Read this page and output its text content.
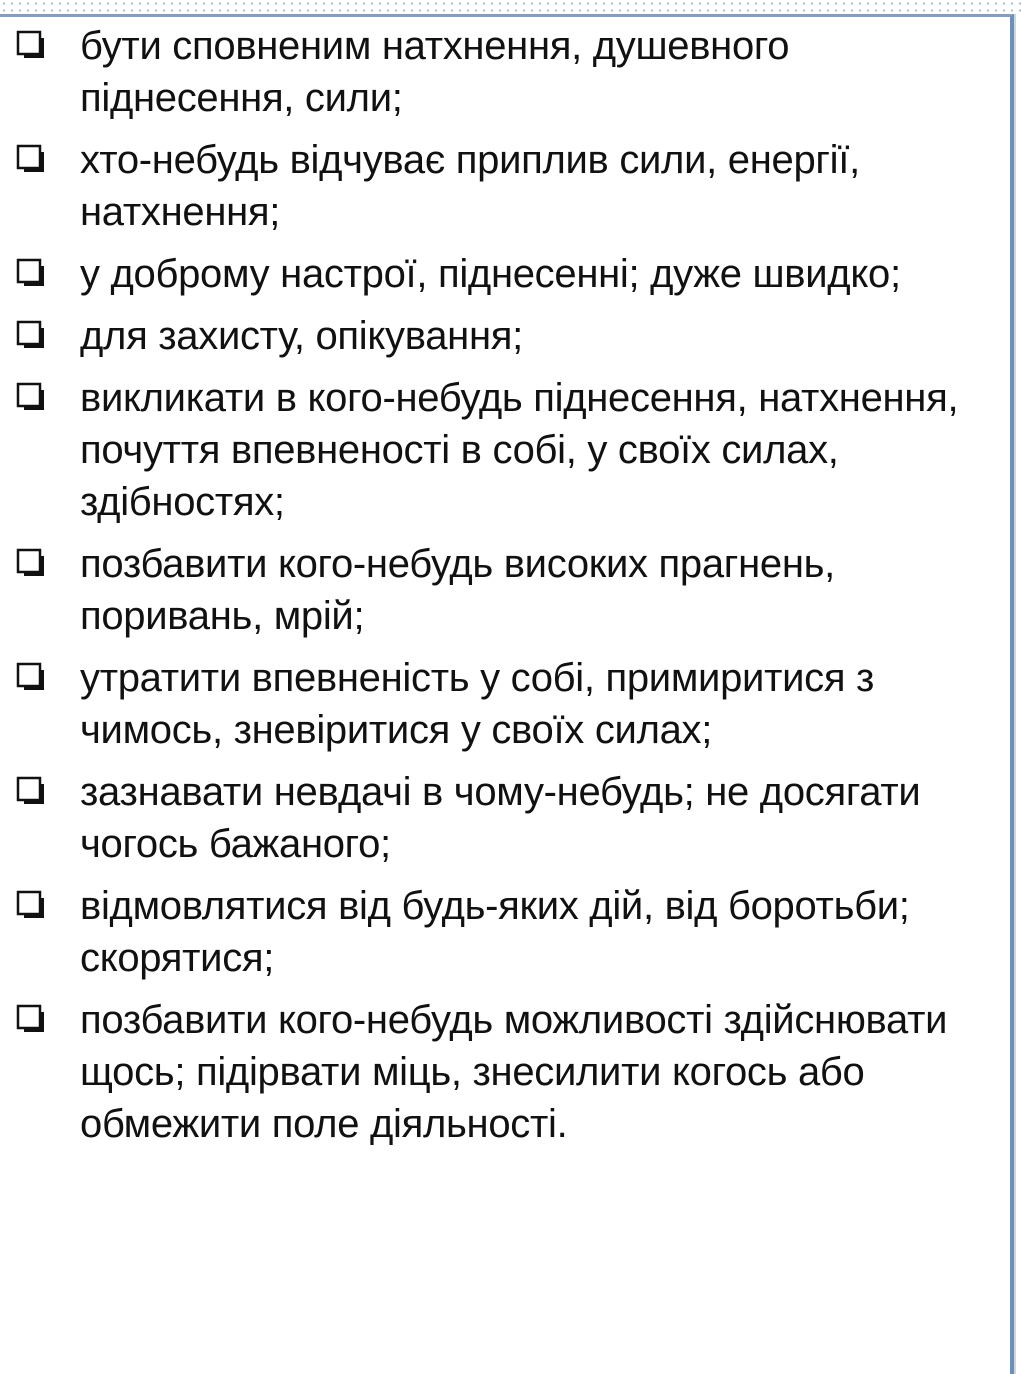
бути сповненим натхнення, душевного піднесення, сили;
хто-небудь відчуває приплив сили, енергії, натхнення;
у доброму настрої, піднесенні; дуже швидко;
для захисту, опікування;
викликати в кого-небудь піднесення, натхнення, почуття впевненості в собі, у своїх силах, здібностях;
позбавити кого-небудь високих прагнень, поривань, мрій;
утратити впевненість у собі, примиритися з чимось, зневіритися у своїх силах;
зазнавати невдачі в чому-небудь; не досягати чогось бажаного;
відмовлятися від будь-яких дій, від боротьби; скорятися;
позбавити кого-небудь можливості здійснювати щось; підірвати міць, знесилити когось або обмежити поле діяльності.
